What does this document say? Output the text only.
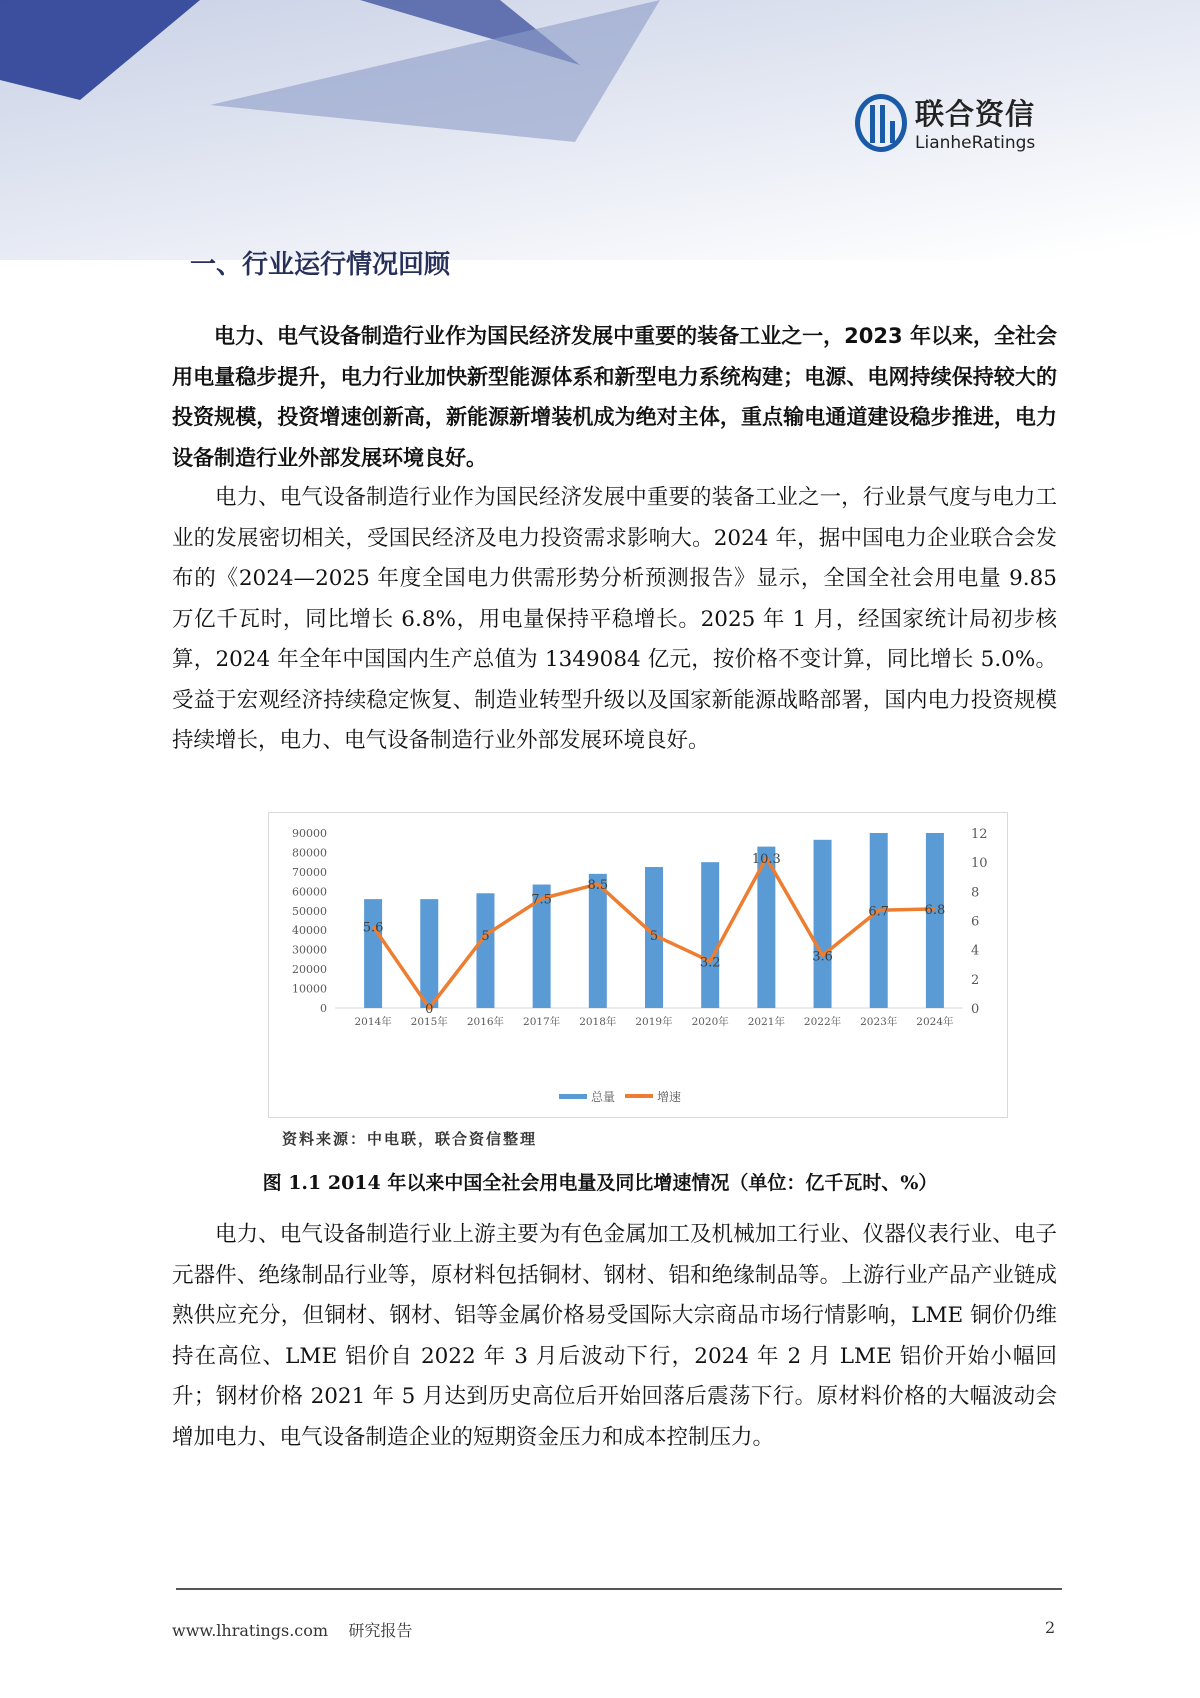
联合资信
LianheRatings
一、行业运行情况回顾
电力、电气设备制造行业作为国民经济发展中重要的装备工业之一，2023 年以来，全社会用电量稳步提升，电力行业加快新型能源体系和新型电力系统构建；电源、电网持续保持较大的投资规模，投资增速创新高，新能源新增装机成为绝对主体，重点输电通道建设稳步推进，电力设备制造行业外部发展环境良好。
电力、电气设备制造行业作为国民经济发展中重要的装备工业之一，行业景气度与电力工业的发展密切相关，受国民经济及电力投资需求影响大。2024 年，据中国电力企业联合会发布的《2024—2025 年度全国电力供需形势分析预测报告》显示，全国全社会用电量 9.85 万亿千瓦时，同比增长 6.8%，用电量保持平稳增长。2025 年 1 月，经国家统计局初步核算，2024 年全年中国国内生产总值为 1349084 亿元，按价格不变计算，同比增长 5.0%。受益于宏观经济持续稳定恢复、制造业转型升级以及国家新能源战略部署，国内电力投资规模持续增长，电力、电气设备制造行业外部发展环境良好。
0
10000
20000
30000
40000
50000
60000
70000
80000
90000
0
2
4
6
8
10
12
2014年 2015年 2016年 2017年 2018年 2019年 2020年 2021年 2022年 2023年 2024年
5.6
0
5
7.5
8.5
5
3.2
10.3
3.6
6.7	6.8
总量	增速
资料来源：中电联，联合资信整理
图 1.1 2014 年以来中国全社会用电量及同比增速情况（单位：亿千瓦时、%）
电力、电气设备制造行业上游主要为有色金属加工及机械加工行业、仪器仪表行业、电子元器件、绝缘制品行业等，原材料包括铜材、钢材、铝和绝缘制品等。上游行业产品产业链成熟供应充分，但铜材、钢材、铝等金属价格易受国际大宗商品市场行情影响，LME 铜价仍维持在高位、LME 铝价自 2022 年 3 月后波动下行，2024 年 2 月 LME 铝价开始小幅回升；钢材价格 2021 年 5 月达到历史高位后开始回落后震荡下行。原材料价格的大幅波动会增加电力、电气设备制造企业的短期资金压力和成本控制压力。
www.lhratings.com 研究报告	2
